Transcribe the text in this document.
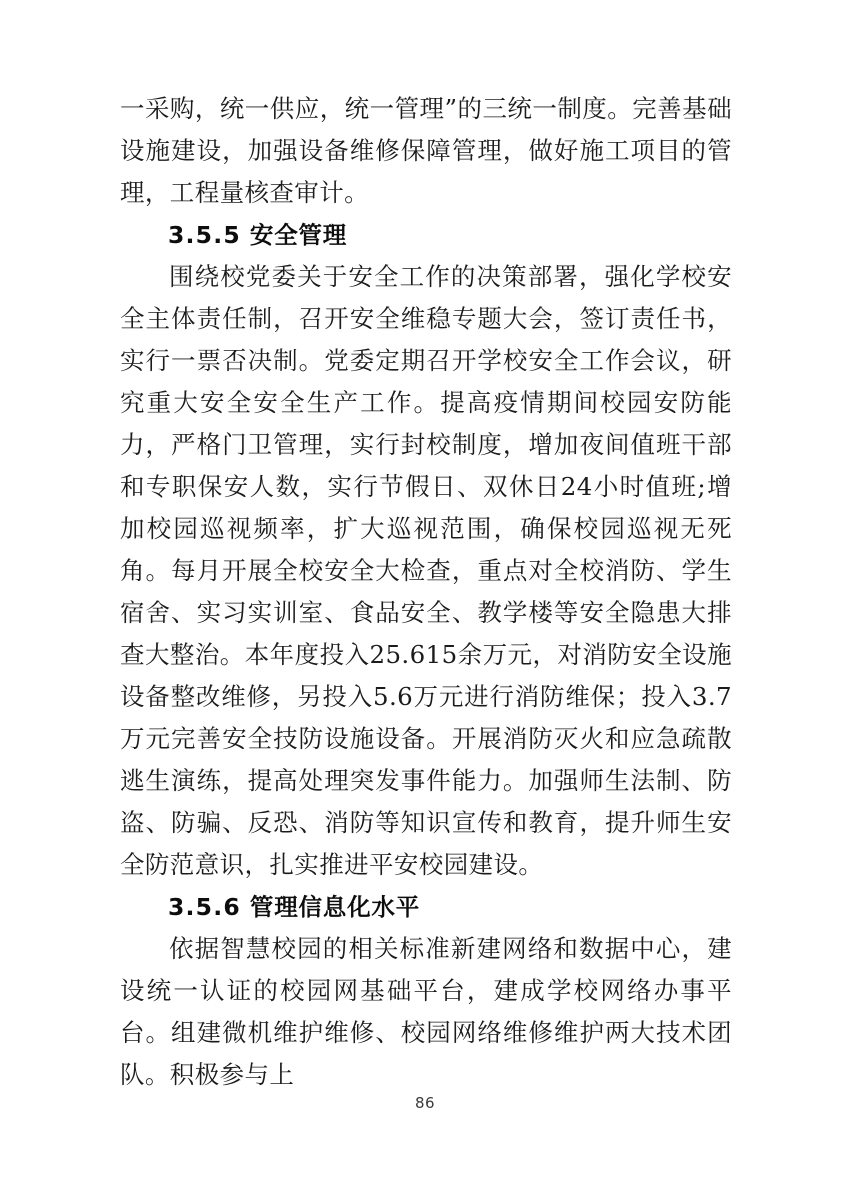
一采购，统一供应，统一管理”的三统一制度。完善基础设施建设，加强设备维修保障管理，做好施工项目的管理，工程量核查审计。

3.5.5 安全管理

围绕校党委关于安全工作的决策部署，强化学校安全主体责任制，召开安全维稳专题大会，签订责任书，实行一票否决制。党委定期召开学校安全工作会议，研究重大安全安全生产工作。提高疫情期间校园安防能力，严格门卫管理，实行封校制度，增加夜间值班干部和专职保安人数，实行节假日、双休日24小时值班;增加校园巡视频率，扩大巡视范围，确保校园巡视无死角。每月开展全校安全大检查，重点对全校消防、学生宿舍、实习实训室、食品安全、教学楼等安全隐患大排查大整治。本年度投入25.615余万元，对消防安全设施设备整改维修，另投入5.6万元进行消防维保；投入3.7万元完善安全技防设施设备。开展消防灭火和应急疏散逃生演练，提高处理突发事件能力。加强师生法制、防盗、防骗、反恐、消防等知识宣传和教育，提升师生安全防范意识，扎实推进平安校园建设。

3.5.6 管理信息化水平

依据智慧校园的相关标准新建网络和数据中心，建设统一认证的校园网基础平台，建成学校网络办事平台。组建微机维护维修、校园网络维修维护两大技术团队。积极参与上

86
